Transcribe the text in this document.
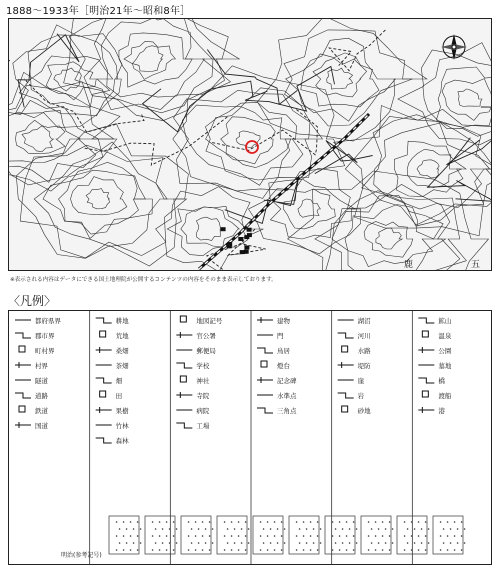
1888～1933年［明治21年～昭和8年］
鹿	五
※表示される内容はデータにできる国土地理院が公開するコンテンツの内容をそのまま表示しております。
〈凡例〉
都府県界
郡市界
町村界
村界
隧道
道路
鉄道
国道
耕地
荒地
桑畑
茶畑
畑
田
果樹
竹林
森林
地図記号
官公署
郵便局
学校
神社
寺院
病院
工場
建物
門
鳥居
燈台
記念碑
水準点
三角点
湖沼
河川
水路
堤防
崖
岩
砂地
鉱山
温泉
公園
墓地
橋
渡船
港
明治(参考記号)
